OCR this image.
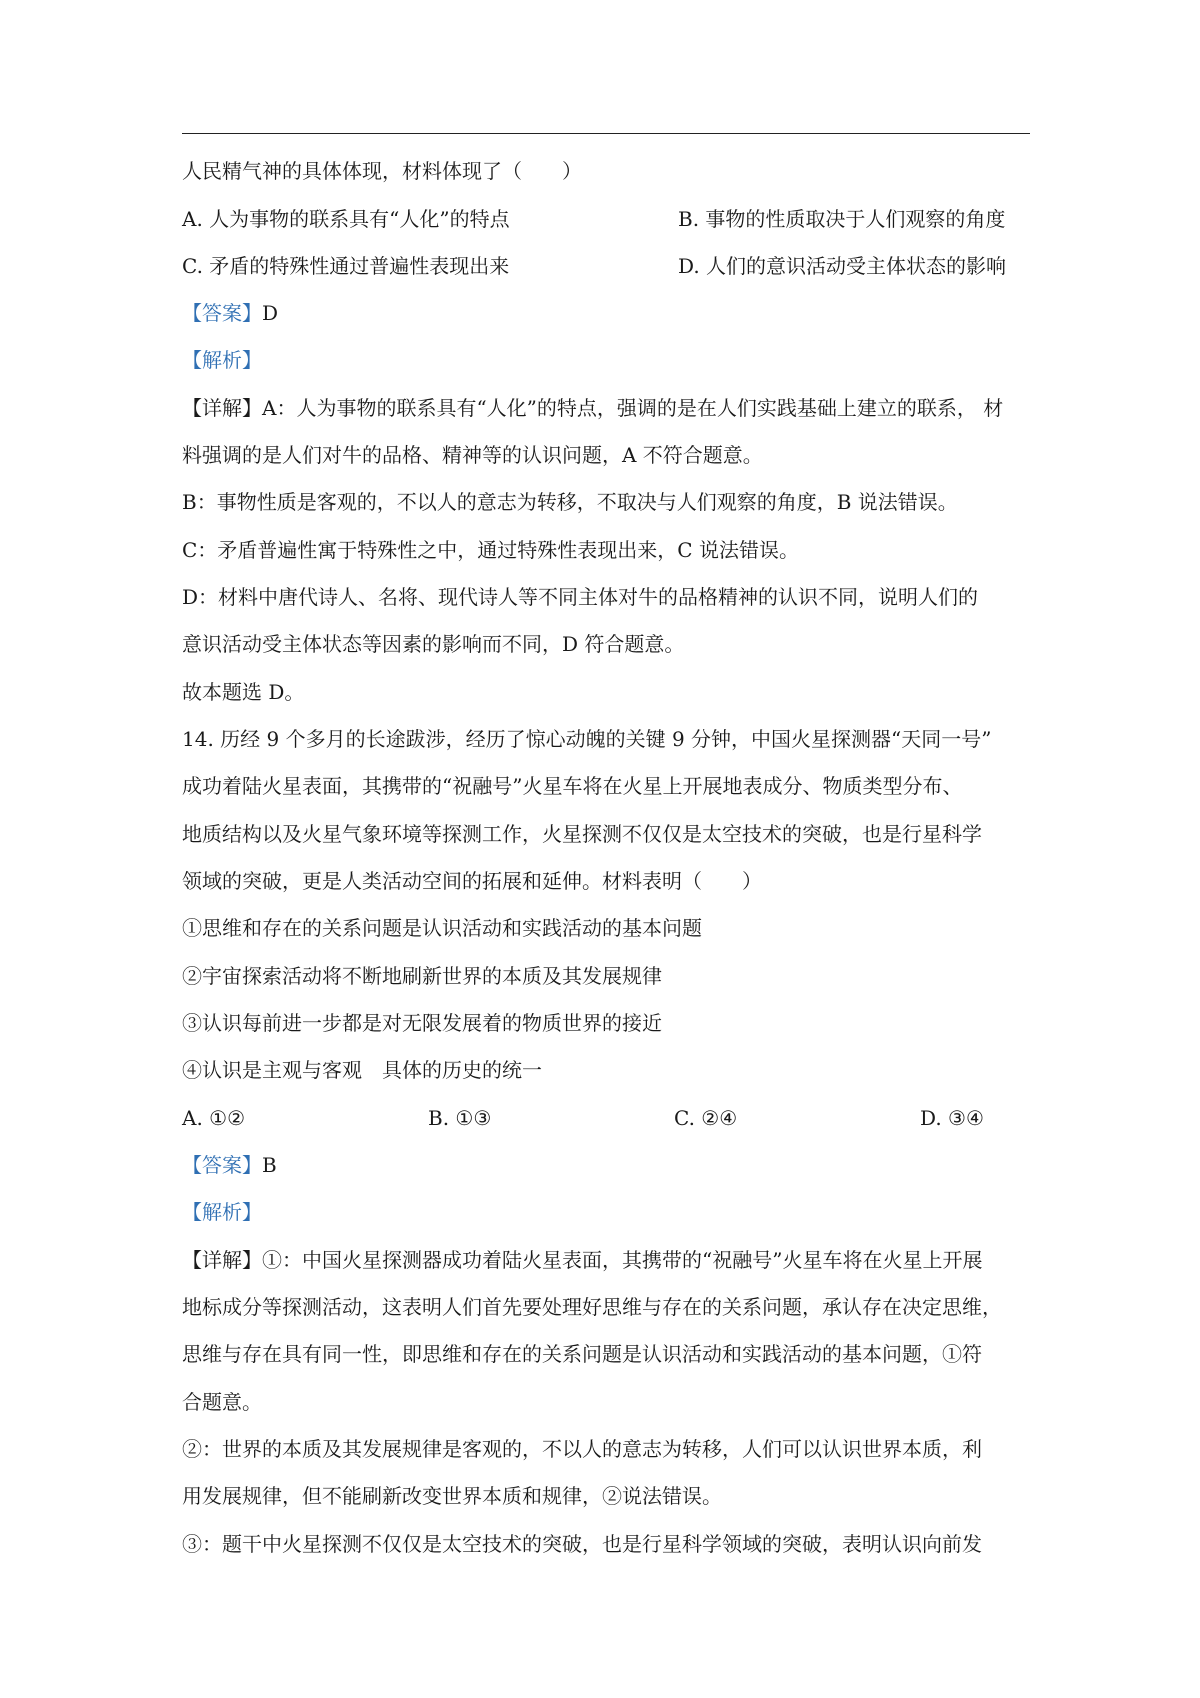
人民精气神的具体体现，材料体现了（　　）
A. 人为事物的联系具有“人化”的特点	B. 事物的性质取决于人们观察的角度
C. 矛盾的特殊性通过普遍性表现出来	D. 人们的意识活动受主体状态的影响
【答案】D
【解析】
【详解】A：人为事物的联系具有“人化”的特点，强调的是在人们实践基础上建立的联系， 材
料强调的是人们对牛的品格、精神等的认识问题，A 不符合题意。
B：事物性质是客观的，不以人的意志为转移，不取决与人们观察的角度，B 说法错误。
C：矛盾普遍性寓于特殊性之中，通过特殊性表现出来，C 说法错误。
D：材料中唐代诗人、名将、现代诗人等不同主体对牛的品格精神的认识不同，说明人们的
意识活动受主体状态等因素的影响而不同，D 符合题意。
故本题选 D。
14. 历经 9 个多月的长途跋涉，经历了惊心动魄的关键 9 分钟，中国火星探测器“天同一号”
成功着陆火星表面，其携带的“祝融号”火星车将在火星上开展地表成分、物质类型分布、
地质结构以及火星气象环境等探测工作，火星探测不仅仅是太空技术的突破，也是行星科学
领域的突破，更是人类活动空间的拓展和延伸。材料表明（　　）
①思维和存在的关系问题是认识活动和实践活动的基本问题
②宇宙探索活动将不断地刷新世界的本质及其发展规律
③认识每前进一步都是对无限发展着的物质世界的接近
④认识是主观与客观　具体的历史的统一
A. ①②	B. ①③	C. ②④	D. ③④
【答案】B
【解析】
【详解】①：中国火星探测器成功着陆火星表面，其携带的“祝融号”火星车将在火星上开展
地标成分等探测活动，这表明人们首先要处理好思维与存在的关系问题，承认存在决定思维，
思维与存在具有同一性，即思维和存在的关系问题是认识活动和实践活动的基本问题，①符
合题意。
②：世界的本质及其发展规律是客观的，不以人的意志为转移，人们可以认识世界本质，利
用发展规律，但不能刷新改变世界本质和规律，②说法错误。
③：题干中火星探测不仅仅是太空技术的突破，也是行星科学领域的突破，表明认识向前发
